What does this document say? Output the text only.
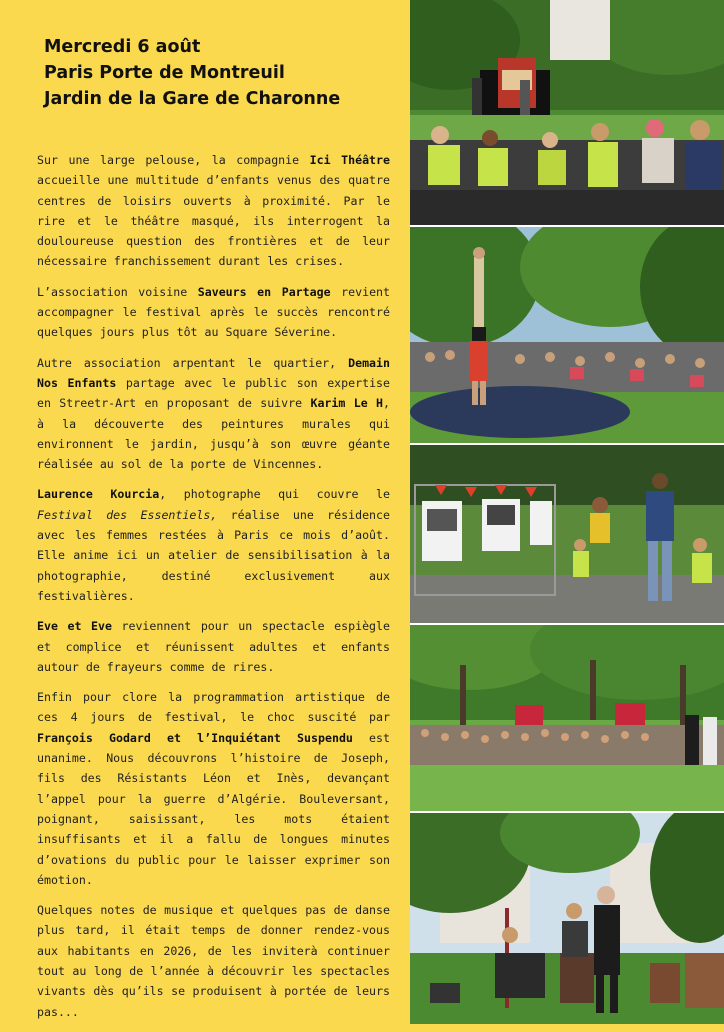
Mercredi 6 août
Paris Porte de Montreuil
Jardin de la Gare de Charonne

Sur une large pelouse, la compagnie Ici Théâtre accueille une multitude d’enfants venus des quatre centres de loisirs ouverts à proximité. Par le rire et le théâtre masqué, ils interrogent la douloureuse question des frontières et de leur nécessaire franchissement durant les crises.

L’association voisine Saveurs en Partage revient accompagner le festival après le succès rencontré quelques jours plus tôt au Square Séverine.

Autre association arpentant le quartier, Demain Nos Enfants partage avec le public son expertise en Streetr-Art en proposant de suivre Karim Le H, à la découverte des peintures murales qui environnent le jardin, jusqu’à son œuvre géante réalisée au sol de la porte de Vincennes.

Laurence Kourcia, photographe qui couvre le Festival des Essentiels, réalise une résidence avec les femmes restées à Paris ce mois d’août. Elle anime ici un atelier de sensibilisation à la photographie, destiné exclusivement aux festivalières.

Eve et Eve reviennent pour un spectacle espiègle et complice et réunissent adultes et enfants autour de frayeurs comme de rires.

Enfin pour clore la programmation artistique de ces 4 jours de festival, le choc suscité par François Godard et l’Inquiétant Suspendu est unanime. Nous découvrons l’histoire de Joseph, fils des Résistants Léon et Inès, devançant l’appel pour la guerre d’Algérie. Bouleversant, poignant, saisissant, les mots étaient insuffisants et il a fallu de longues minutes d’ovations du public pour le laisser exprimer son émotion.

Quelques notes de musique et quelques pas de danse plus tard, il était temps de donner rendez-vous aux habitants en 2026, de les inviterà continuer tout au long de l’année à découvrir les spectacles vivants dès qu’ils se produisent à portée de leurs pas...
